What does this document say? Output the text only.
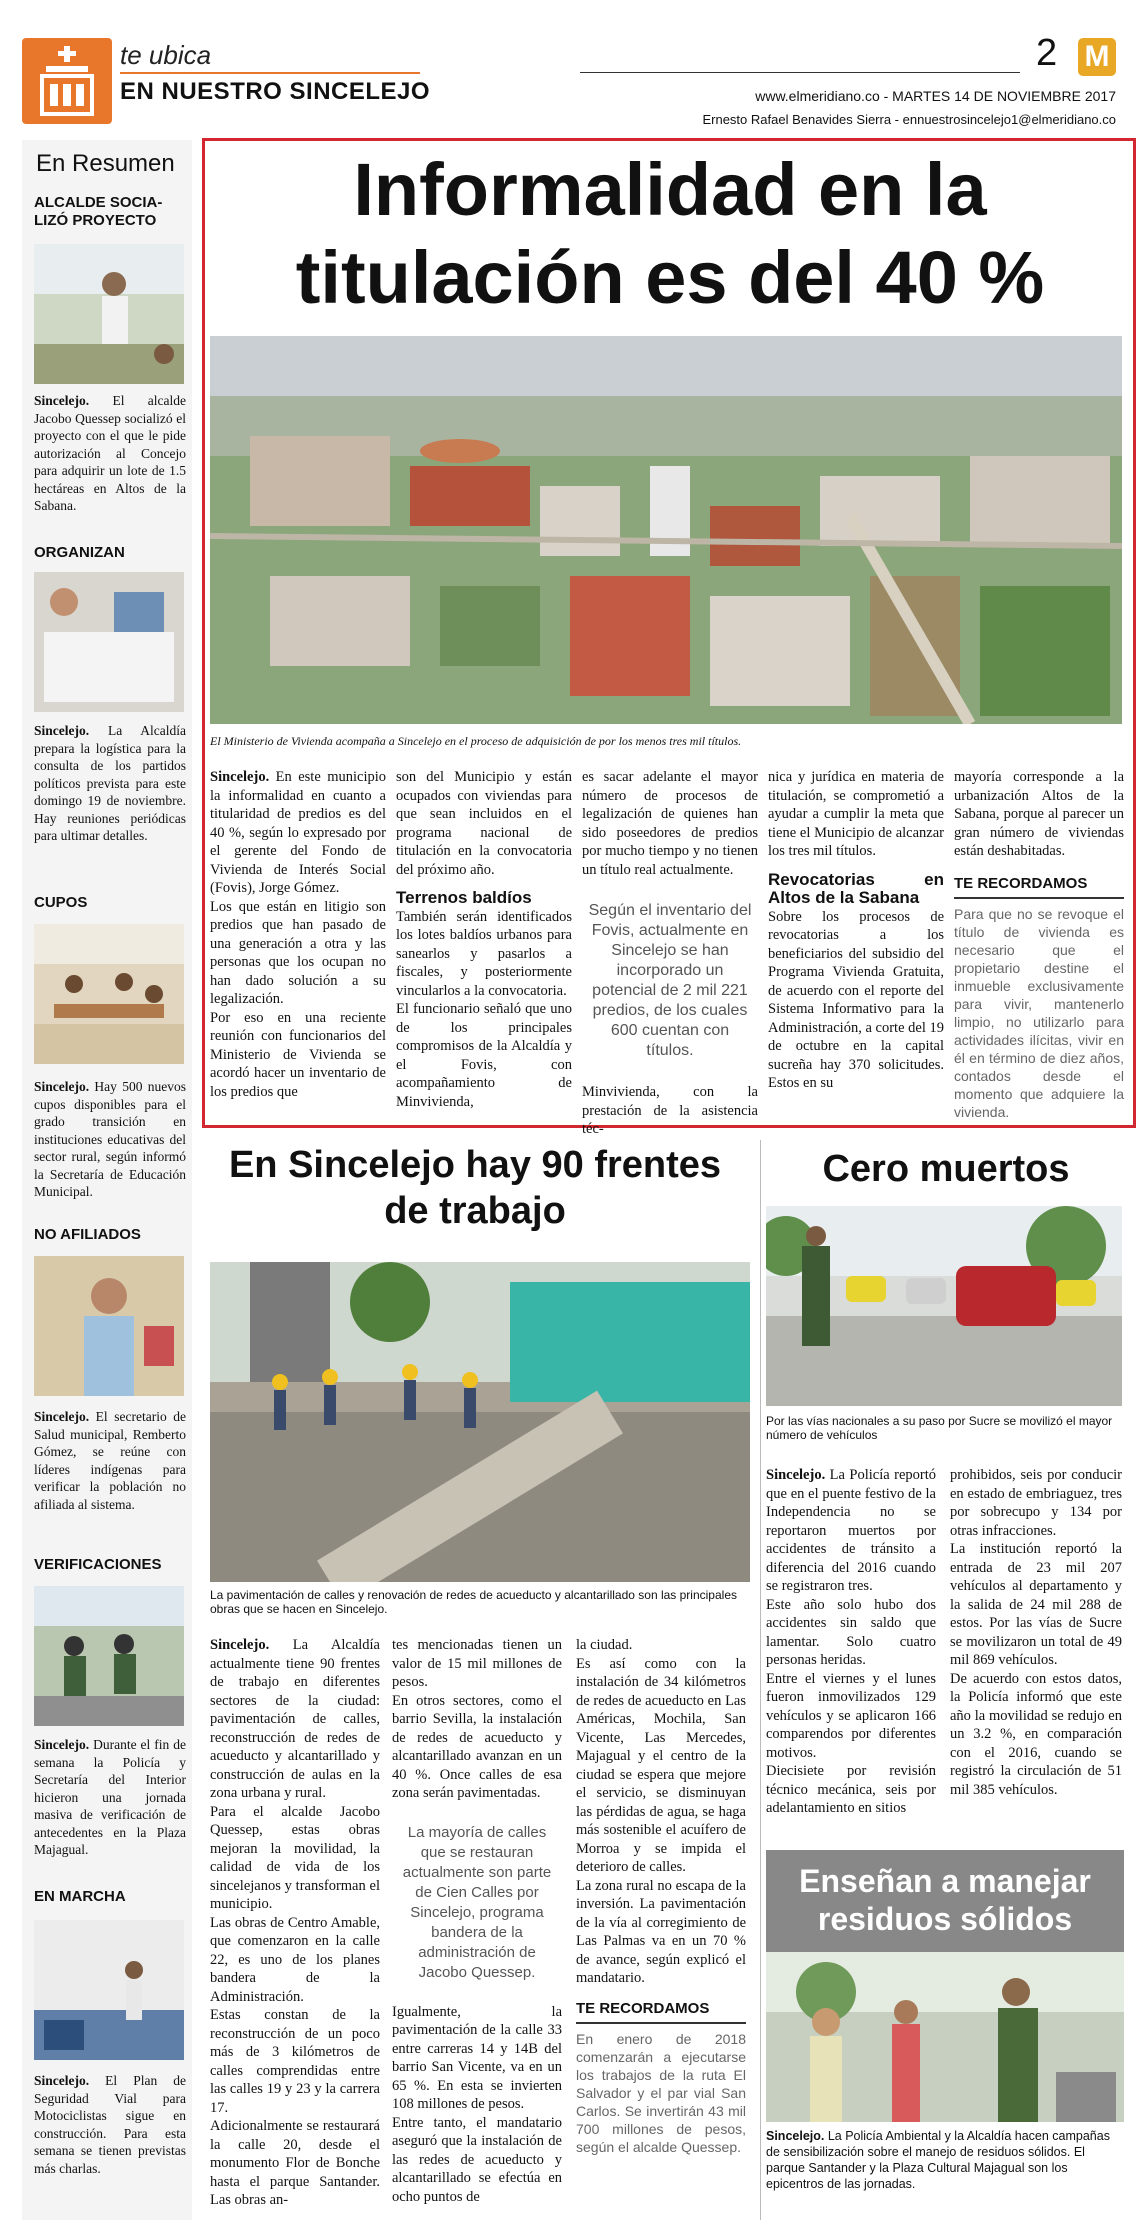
te ubica
EN NUESTRO SINCELEJO
2 M
www.elmeridiano.co - MARTES 14 DE NOVIEMBRE 2017
Ernesto Rafael Benavides Sierra - ennuestrosincelejo1@elmeridiano.co
En Resumen
ALCALDE SOCIA-LIZÓ PROYECTO
Sincelejo. El alcalde Jacobo Quessep socializó el proyecto con el que le pide autorización al Concejo para adquirir un lote de 1.5 hectáreas en Altos de la Sabana.
ORGANIZAN
Sincelejo. La Alcaldía prepara la logística para la consulta de los partidos políticos prevista para este domingo 19 de noviembre. Hay reuniones periódicas para ultimar detalles.
CUPOS
Sincelejo. Hay 500 nuevos cupos disponibles para el grado transición en instituciones educativas del sector rural, según informó la Secretaría de Educación Municipal.
NO AFILIADOS
Sincelejo. El secretario de Salud municipal, Remberto Gómez, se reúne con líderes indígenas para verificar la población no afiliada al sistema.
VERIFICACIONES
Sincelejo. Durante el fin de semana la Policía y Secretaría del Interior hicieron una jornada masiva de verificación de antecedentes en la Plaza Majagual.
EN MARCHA
Sincelejo. El Plan de Seguridad Vial para Motociclistas sigue en construcción. Para esta semana se tienen previstas más charlas.
Informalidad en la
titulación es del 40 %
El Ministerio de Vivienda acompaña a Sincelejo en el proceso de adquisición de por los menos tres mil títulos.
Sincelejo. En este municipio la informalidad en cuanto a titularidad de predios es del 40 %, según lo expresado por el gerente del Fondo de Vivienda de Interés Social (Fovis), Jorge Gómez.
Los que están en litigio son predios que han pasado de una generación a otra y las personas que los ocupan no han dado solución a su legalización.
Por eso en una reciente reunión con funcionarios del Ministerio de Vivienda se acordó hacer un inventario de los predios que
son del Municipio y están ocupados con viviendas para que sean incluidos en el programa nacional de titulación en la convocatoria del próximo año.
Terrenos baldíos
También serán identificados los lotes baldíos urbanos para sanearlos y pasarlos a fiscales, y posteriormente vincularlos a la convocatoria.
El funcionario señaló que uno de los principales compromisos de la Alcaldía y el Fovis, con acompañamiento de Minvivienda,
es sacar adelante el mayor número de procesos de legalización de quienes han sido poseedores de predios por mucho tiempo y no tienen un título real actualmente.
Según el inventario del Fovis, actualmente en Sincelejo se han incorporado un potencial de 2 mil 221 predios, de los cuales 600 cuentan con títulos.
Minvivienda, con la prestación de la asistencia téc-
nica y jurídica en materia de titulación, se comprometió a ayudar a cumplir la meta que tiene el Municipio de alcanzar los tres mil títulos.
Revocatorias en Altos de la Sabana
Sobre los procesos de revocatorias a los beneficiarios del subsidio del Programa Vivienda Gratuita, de acuerdo con el reporte del Sistema Informativo para la Administración, a corte del 19 de octubre en la capital sucreña hay 370 solicitudes. Estos en su
mayoría corresponde a la urbanización Altos de la Sabana, porque al parecer un gran número de viviendas están deshabitadas.
TE RECORDAMOS
Para que no se revoque el título de vivienda es necesario que el propietario destine el inmueble exclusivamente para vivir, mantenerlo limpio, no utilizarlo para actividades ilícitas, vivir en él en término de diez años, contados desde el momento que adquiere la vivienda.
En Sincelejo hay 90 frentes de trabajo
La pavimentación de calles y renovación de redes de acueducto y alcantarillado son las principales obras que se hacen en Sincelejo.
Sincelejo. La Alcaldía actualmente tiene 90 frentes de trabajo en diferentes sectores de la ciudad: pavimentación de calles, reconstrucción de redes de acueducto y alcantarillado y construcción de aulas en la zona urbana y rural.
Para el alcalde Jacobo Quessep, estas obras mejoran la movilidad, la calidad de vida de los sincelejanos y transforman el municipio.
Las obras de Centro Amable, que comenzaron en la calle 22, es uno de los planes bandera de la Administración.
Estas constan de la reconstrucción de un poco más de 3 kilómetros de calles comprendidas entre las calles 19 y 23 y la carrera 17.
Adicionalmente se restaurará la calle 20, desde el monumento Flor de Bonche hasta el parque Santander. Las obras an-
tes mencionadas tienen un valor de 15 mil millones de pesos.
En otros sectores, como el barrio Sevilla, la instalación de redes de acueducto y alcantarillado avanzan en un 40 %. Once calles de esa zona serán pavimentadas.
La mayoría de calles que se restauran actualmente son parte de Cien Calles por Sincelejo, programa bandera de la administración de Jacobo Quessep.
Igualmente, la pavimentación de la calle 33 entre carreras 14 y 14B del barrio San Vicente, va en un 65 %. En esta se invierten 108 millones de pesos.
Entre tanto, el mandatario aseguró que la instalación de las redes de acueducto y alcantarillado se efectúa en ocho puntos de
la ciudad.
Es así como con la instalación de 34 kilómetros de redes de acueducto en Las Américas, Mochila, San Vicente, Las Mercedes, Majagual y el centro de la ciudad se espera que mejore el servicio, se disminuyan las pérdidas de agua, se haga más sostenible el acuífero de Morroa y se impida el deterioro de calles.
La zona rural no escapa de la inversión. La pavimentación de la vía al corregimiento de Las Palmas va en un 70 % de avance, según explicó el mandatario.
TE RECORDAMOS
En enero de 2018 comenzarán a ejecutarse los trabajos de la ruta El Salvador y el par vial San Carlos. Se invertirán 43 mil 700 millones de pesos, según el alcalde Quessep.
Cero muertos
Por las vías nacionales a su paso por Sucre se movilizó el mayor número de vehículos
Sincelejo. La Policía reportó que en el puente festivo de la Independencia no se reportaron muertos por accidentes de tránsito a diferencia del 2016 cuando se registraron tres.
Este año solo hubo dos accidentes sin saldo que lamentar. Solo cuatro personas heridas.
Entre el viernes y el lunes fueron inmovilizados 129 vehículos y se aplicaron 166 comparendos por diferentes motivos.
Diecisiete por revisión técnico mecánica, seis por adelantamiento en sitios
prohibidos, seis por conducir en estado de embriaguez, tres por sobrecupo y 134 por otras infracciones.
La institución reportó la entrada de 23 mil 207 vehículos al departamento y la salida de 24 mil 288 de estos. Por las vías de Sucre se movilizaron un total de 49 mil 869 vehículos.
De acuerdo con estos datos, la Policía informó que este año la movilidad se redujo en un 3.2 %, en comparación con el 2016, cuando se registró la circulación de 51 mil 385 vehículos.
Enseñan a manejar residuos sólidos
Sincelejo. La Policía Ambiental y la Alcaldía hacen campañas de sensibilización sobre el manejo de residuos sólidos. El parque Santander y la Plaza Cultural Majagual son los epicentros de las jornadas.
